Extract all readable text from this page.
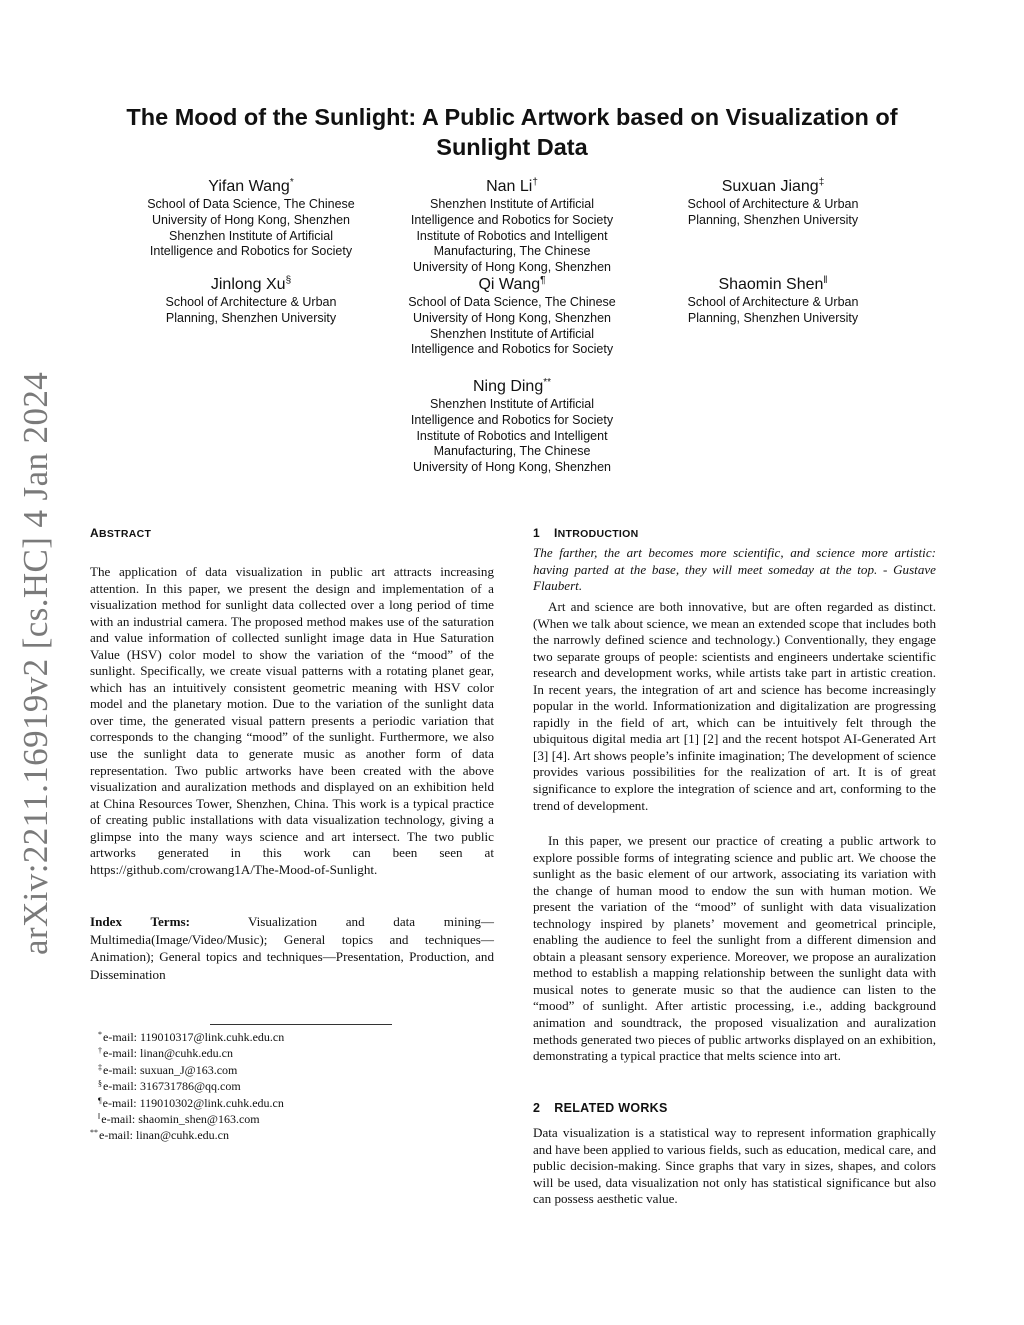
arXiv:2211.16919v2 [cs.HC] 4 Jan 2024
The Mood of the Sunlight: A Public Artwork based on Visualization of Sunlight Data
Yifan Wang*
School of Data Science, The Chinese
University of Hong Kong, Shenzhen
Shenzhen Institute of Artificial
Intelligence and Robotics for Society
Jinlong Xu§
School of Architecture & Urban
Planning, Shenzhen University
Nan Li†
Shenzhen Institute of Artificial
Intelligence and Robotics for Society
Institute of Robotics and Intelligent
Manufacturing, The Chinese
University of Hong Kong, Shenzhen
Qi Wang¶
School of Data Science, The Chinese
University of Hong Kong, Shenzhen
Shenzhen Institute of Artificial
Intelligence and Robotics for Society
Ning Ding**
Shenzhen Institute of Artificial
Intelligence and Robotics for Society
Institute of Robotics and Intelligent
Manufacturing, The Chinese
University of Hong Kong, Shenzhen
Suxuan Jiang‡
School of Architecture & Urban
Planning, Shenzhen University
Shaomin Shen‖
School of Architecture & Urban
Planning, Shenzhen University
ABSTRACT

The application of data visualization in public art attracts increasing attention. In this paper, we present the design and implementation of a visualization method for sunlight data collected over a long period of time with an industrial camera. The proposed method makes use of the saturation and value information of collected sunlight image data in Hue Saturation Value (HSV) color model to show the variation of the “mood” of the sunlight. Specifically, we create visual patterns with a rotating planet gear, which has an intuitively consistent geometric meaning with HSV color model and the planetary motion. Due to the variation of the sunlight data over time, the generated visual pattern presents a periodic variation that corresponds to the changing “mood” of the sunlight. Furthermore, we also use the sunlight data to generate music as another form of data representation. Two public artworks have been created with the above visualization and auralization methods and displayed on an exhibition held at China Resources Tower, Shenzhen, China. This work is a typical practice of creating public installations with data visualization technology, giving a glimpse into the many ways science and art intersect. The two public artworks generated in this work can been seen at https://github.com/crowang1A/The-Mood-of-Sunlight.

Index Terms:	Visualization and data mining—Multimedia(Image/Video/Music); General topics and techniques—Animation); General topics and techniques—Presentation, Production, and Dissemination

*e-mail: 119010317@link.cuhk.edu.cn
†e-mail: linan@cuhk.edu.cn
‡e-mail: suxuan_J@163.com
§e-mail: 316731786@qq.com
¶e-mail: 119010302@link.cuhk.edu.cn
‖e-mail: shaomin_shen@163.com
**e-mail: linan@cuhk.edu.cn
1 INTRODUCTION

The farther, the art becomes more scientific, and science more artistic: having parted at the base, they will meet someday at the top. - Gustave Flaubert.

Art and science are both innovative, but are often regarded as distinct. (When we talk about science, we mean an extended scope that includes both the narrowly defined science and technology.) Conventionally, they engage two separate groups of people: scientists and engineers undertake scientific research and development works, while artists take part in artistic creation. In recent years, the integration of art and science has become increasingly popular in the world. Informationization and digitalization are progressing rapidly in the field of art, which can be intuitively felt through the ubiquitous digital media art [1] [2] and the recent hotspot AI-Generated Art [3] [4]. Art shows people’s infinite imagination; The development of science provides various possibilities for the realization of art. It is of great significance to explore the integration of science and art, conforming to the trend of development.

In this paper, we present our practice of creating a public artwork to explore possible forms of integrating science and public art. We choose the sunlight as the basic element of our artwork, associating its variation with the change of human mood to endow the sun with human motion. We present the variation of the “mood” of sunlight with data visualization technology inspired by planets’ movement and geometrical principle, enabling the audience to feel the sunlight from a different dimension and obtain a pleasant sensory experience. Moreover, we propose an auralization method to establish a mapping relationship between the sunlight data with musical notes to generate music so that the audience can listen to the “mood” of sunlight. After artistic processing, i.e., adding background animation and soundtrack, the proposed visualization and auralization methods generated two pieces of public artworks displayed on an exhibition, demonstrating a typical practice that melts science into art.

2 RELATED WORKS

Data visualization is a statistical way to represent information graphically and have been applied to various fields, such as education, medical care, and public decision-making. Since graphs that vary in sizes, shapes, and colors will be used, data visualization not only has statistical significance but also can possess aesthetic value.
